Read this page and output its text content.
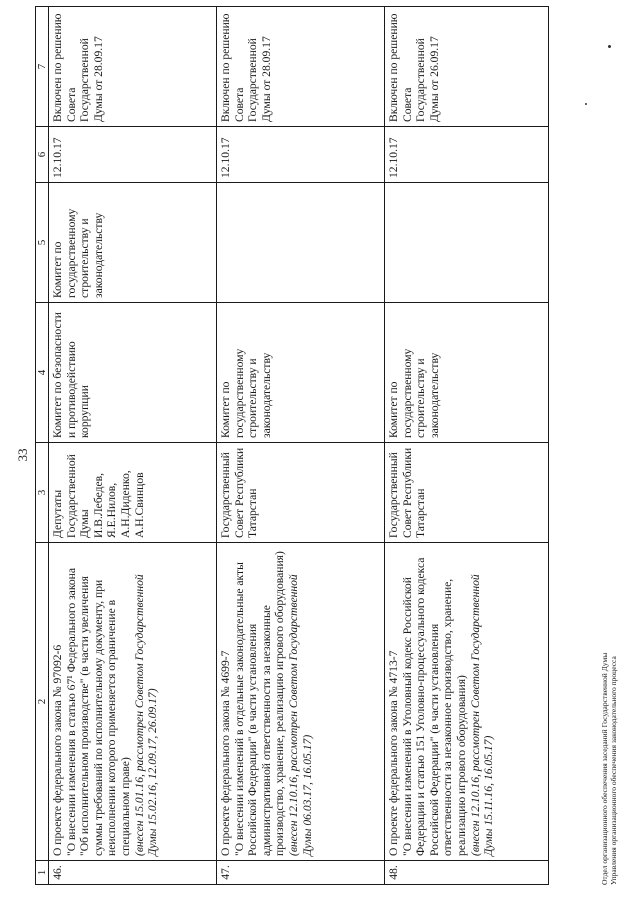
33
1	2	3	4	5	6	7
46.	О проекте федерального закона № 97092-6 "О внесении изменения в статью 67¹ Федерального закона "Об исполнительном производстве" (в части увеличения суммы требований по исполнительному документу, при неисполнении которого применяется ограничение в специальном праве) (внесен 15.01.16, рассмотрен Советом Государственной Думы 15.02.16, 12.09.17, 26.09.17)	Депутаты Государственной Думы И.В.Лебедев, Я.Е.Нилов, А.Н.Диденко, А.Н.Свинцов	Комитет по безопасности и противодействию коррупции	Комитет по государственному строительству и законодательству	12.10.17	Включен по решению Совета Государственной Думы от 28.09.17
47.	О проекте федерального закона № 4699-7 "О внесении изменений в отдельные законодательные акты Российской Федерации" (в части установления административной ответственности за незаконные производство, хранение, реализацию игрового оборудования) (внесен 12.10.16, рассмотрен Советом Государственной Думы 06.03.17, 16.05.17)	Государственный Совет Республики Татарстан	Комитет по государственному строительству и законодательству		12.10.17	Включен по решению Совета Государственной Думы от 28.09.17
48.	О проекте федерального закона № 4713-7 "О внесении изменений в Уголовный кодекс Российской Федерации и статью 151 Уголовно-процессуального кодекса Российской Федерации" (в части установления ответственности за незаконное производство, хранение, реализацию игрового оборудования) (внесен 12.10.16, рассмотрен Советом Государственной Думы 15.11.16, 16.05.17)	Государственный Совет Республики Татарстан	Комитет по государственному строительству и законодательству		12.10.17	Включен по решению Совета Государственной Думы от 26.09.17
Отдел организационного обеспечения заседаний Государственной Думы Управления организационного обеспечения законодательного процесса
